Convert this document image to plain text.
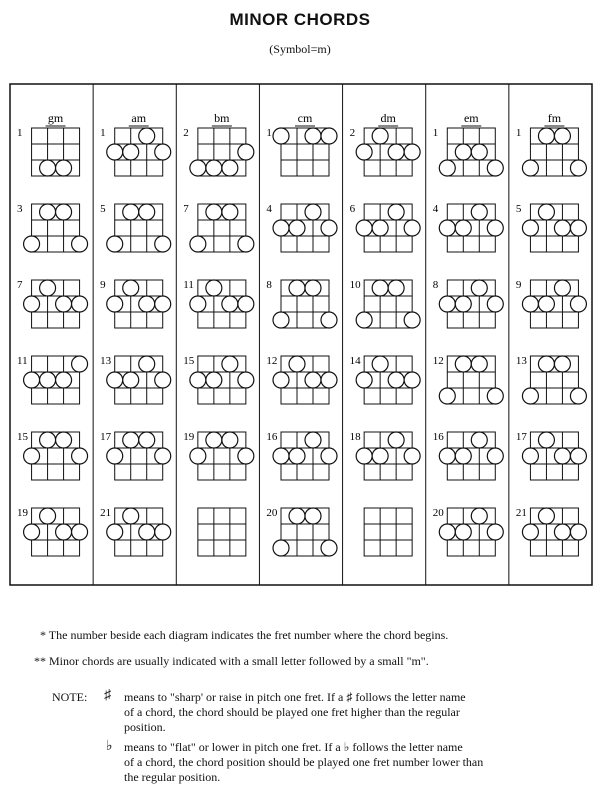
MINOR CHORDS
(Symbol=m)
gm
1
3
7
11
15
19
am
1
5
9
13
17
21
bm
2
7
11
15
19
cm
1
4
8
12
16
20
dm
2
6
10
14
18
em
1
4
8
12
16
20
fm
1
5
9
13
17
21
* The number beside each diagram indicates the fret number where the chord begins.
** Minor chords are usually indicated with a small letter followed by a small "m".
NOTE: ♯ means to "sharp' or raise in pitch one fret. If a ♯ follows the letter name
of a chord, the chord should be played one fret higher than the regular
position.
♭ means to "flat" or lower in pitch one fret. If a ♭ follows the letter name
of a chord, the chord position should be played one fret number lower than
the regular position.
